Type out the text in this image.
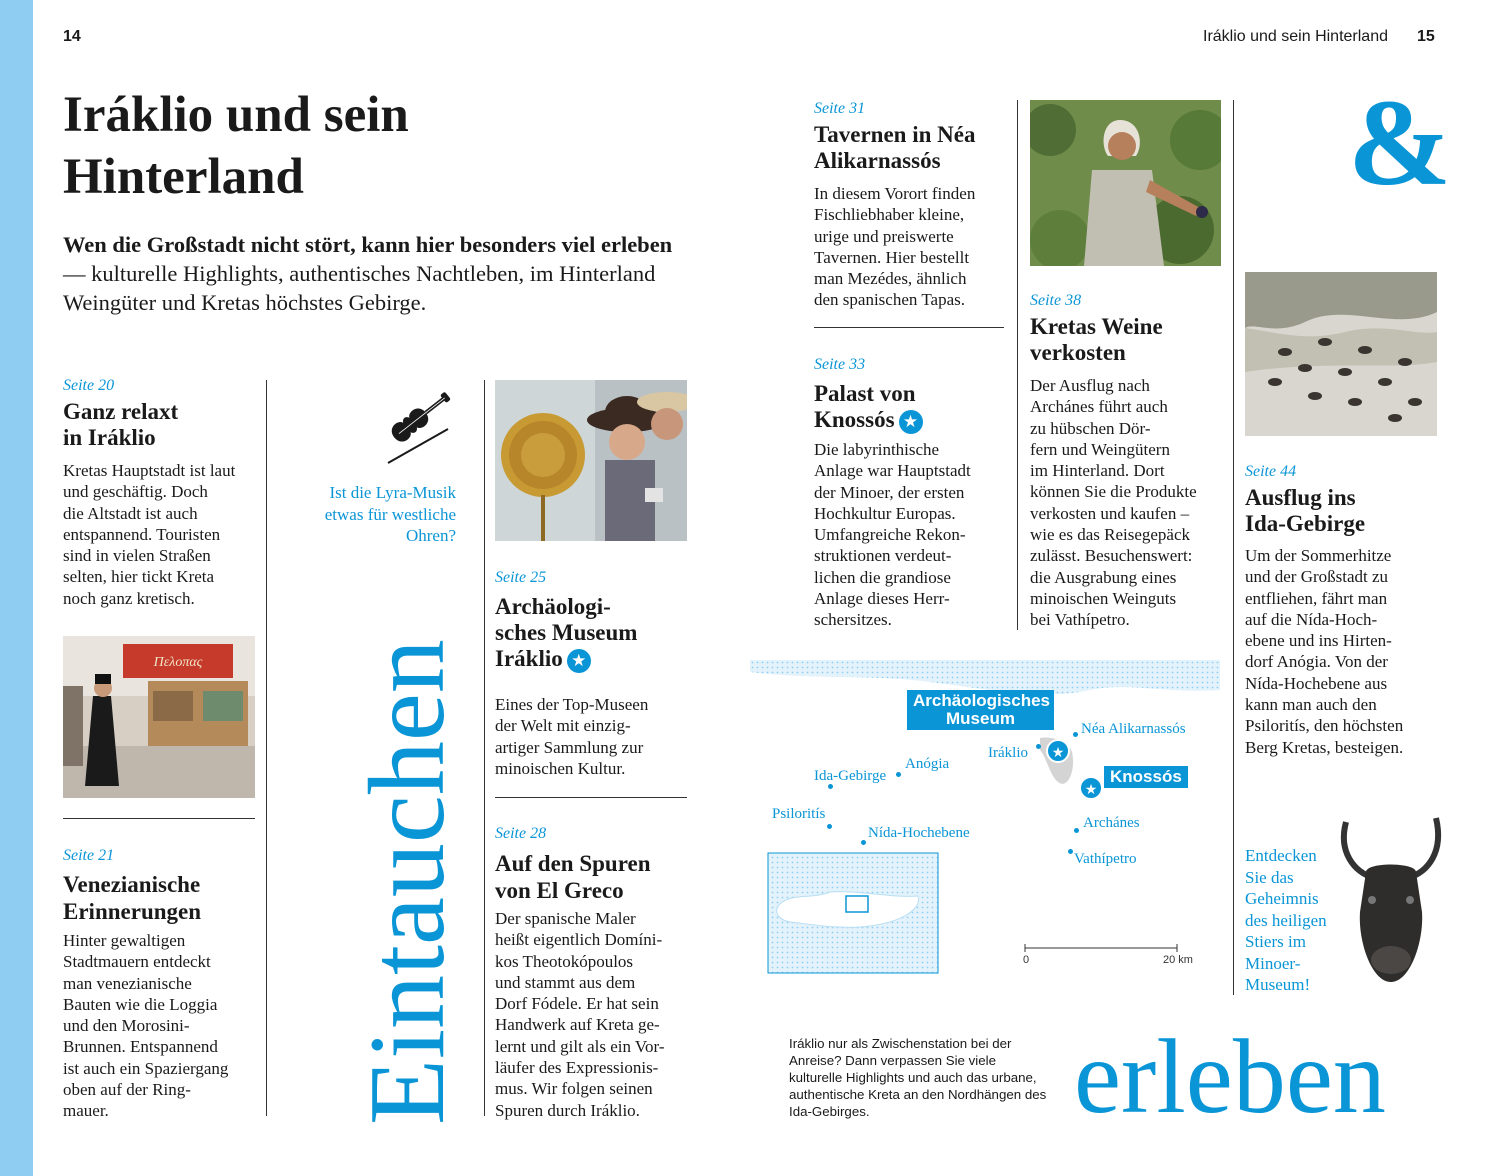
14	Iráklio und sein Hinterland 15
Iráklio und sein
Hinterland
Wen die Großstadt nicht stört, kann hier besonders viel erleben — kulturelle Highlights, authentisches Nachtleben, im Hinterland Weingüter und Kretas höchstes Gebirge.
Seite 20
Ganz relaxt
in Iráklio
Kretas Hauptstadt ist laut
und geschäftig. Doch
die Altstadt ist auch
entspannend. Touristen
sind in vielen Straßen
selten, hier tickt Kreta
noch ganz kretisch.
Πελοπας
Seite 21
Venezianische
Erinnerungen
Hinter gewaltigen
Stadtmauern entdeckt
man venezianische
Bauten wie die Loggia
und den Morosini-
Brunnen. Entspannend
ist auch ein Spaziergang
oben auf der Ring-
mauer.
Ist die Lyra-Musik
etwas für westliche
Ohren?
Eintauchen
Seite 25
Archäologi-
sches Museum
Iráklio ★
Eines der Top-Museen
der Welt mit einzig-
artiger Sammlung zur
minoischen Kultur.
Seite 28
Auf den Spuren
von El Greco
Der spanische Maler
heißt eigentlich Domíni-
kos Theotokópoulos
und stammt aus dem
Dorf Fódele. Er hat sein
Handwerk auf Kreta ge-
lernt und gilt als ein Vor-
läufer des Expressionis-
mus. Wir folgen seinen
Spuren durch Iráklio.
Seite 31
Tavernen in Néa
Alikarnassós
In diesem Vorort finden
Fischliebhaber kleine,
urige und preiswerte
Tavernen. Hier bestellt
man Mezédes, ähnlich
den spanischen Tapas.
Seite 33
Palast von
Knossós ★
Die labyrinthische
Anlage war Hauptstadt
der Minoer, der ersten
Hochkultur Europas.
Umfangreiche Rekon-
struktionen verdeut-
lichen die grandiose
Anlage dieses Herr-
schersitzes.
Seite 38
Kretas Weine
verkosten
Der Ausflug nach
Archánes führt auch
zu hübschen Dör-
fern und Weingütern
im Hinterland. Dort
können Sie die Produkte
verkosten und kaufen –
wie es das Reisegepäck
zulässt. Besuchenswert:
die Ausgrabung eines
minoischen Weinguts
bei Vathípetro.
&
Seite 44
Ausflug ins
Ida-Gebirge
Um der Sommerhitze
und der Großstadt zu
entfliehen, fährt man
auf die Nída-Hoch-
ebene und ins Hirten-
dorf Anógia. Von der
Nída-Hochebene aus
kann man auch den
Psiloritís, den höchsten
Berg Kretas, besteigen.
Entdecken
Sie das
Geheimnis
des heiligen
Stiers im
Minoer-
Museum!
★
★
Archäologisches
Museum
Knossós
Néa Alikarnassós
Iráklio
Anógia
Ida-Gebirge
Psiloritís
Nída-Hochebene
Archánes
Vathípetro
0	20 km
Iráklio nur als Zwischenstation bei der Anreise? Dann verpassen Sie viele kulturelle Highlights und auch das urbane, authentische Kreta an den Nordhängen des Ida-Gebirges.	erleben
